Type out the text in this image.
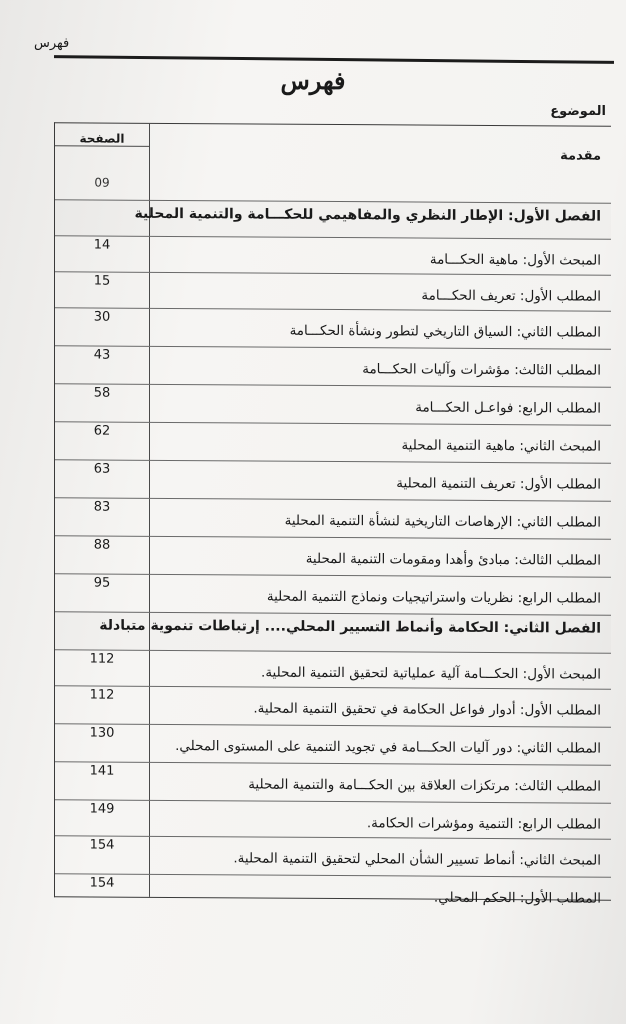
فهرس
فهرس
الموضوع
الصفحة
مقدمة
09
الفصل الأول: الإطار النظري والمفاهيمي للحكـــامة والتنمية المحلية
14
المبحث الأول: ماهية الحكـــامة
15
المطلب الأول: تعريف الحكـــامة
30
المطلب الثاني: السياق التاريخي لتطور ونشأة الحكـــامة
43
المطلب الثالث: مؤشرات وآليات الحكـــامة
58
المطلب الرابع: فواعـل الحكـــامة
62
المبحث الثاني: ماهية التنمية المحلية
63
المطلب الأول: تعريف التنمية المحلية
83
المطلب الثاني: الإرهاصات التاريخية لنشأة التنمية المحلية
88
المطلب الثالث: مبادئ وأهدا ومقومات التنمية المحلية
95
المطلب الرابع: نظريات واستراتيجيات ونماذج التنمية المحلية
الفصل الثاني: الحكامة وأنماط التسيير المحلي.... إرتباطات تنموية متبادلة
112
المبحث الأول: الحكـــامة آلية عملياتية لتحقيق التنمية المحلية.
112
المطلب الأول: أدوار فواعل الحكامة في تحقيق التنمية المحلية.
130
المطلب الثاني: دور آليات الحكـــامة في تجويد التنمية على المستوى المحلي.
141
المطلب الثالث: مرتكزات العلاقة بين الحكـــامة والتنمية المحلية
149
المطلب الرابع: التنمية ومؤشرات الحكامة.
154
المبحث الثاني: أنماط تسيير الشأن المحلي لتحقيق التنمية المحلية.
154
المطلب الأول: الحكم المحلي.
